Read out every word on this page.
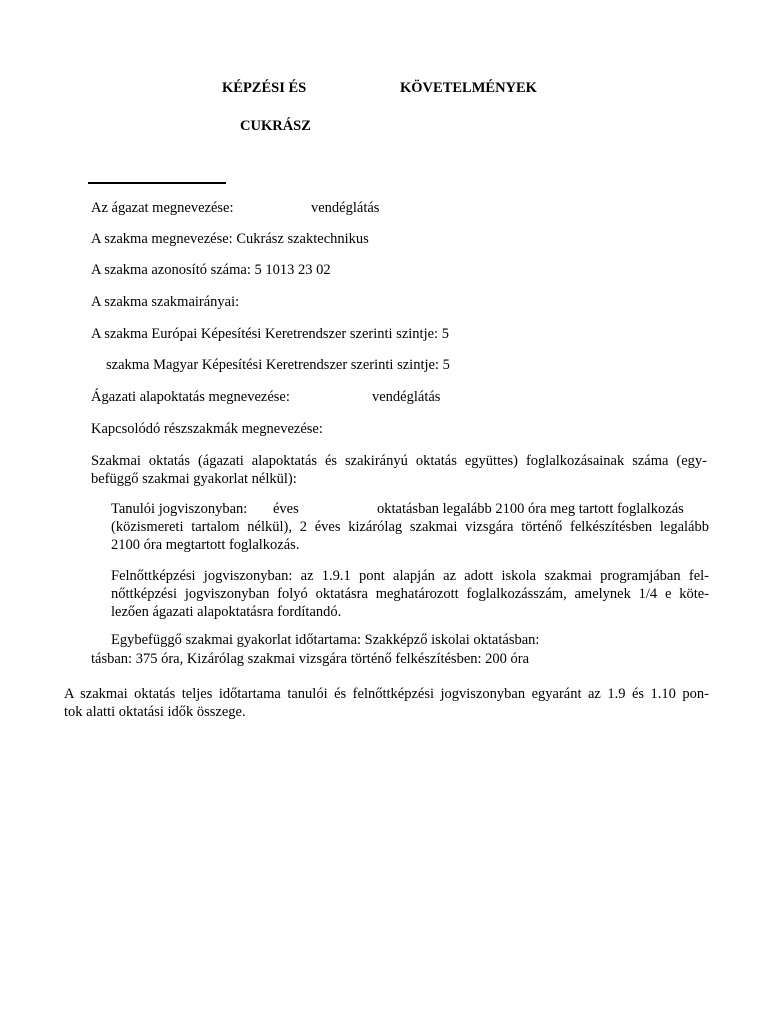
KÉPZÉSI ÉS	KÖVETELMÉNYEK
CUKRÁSZ
Az ágazat megnevezése:	vendéglátás
A szakma megnevezése: Cukrász szaktechnikus
A szakma azonosító száma: 5 1013 23 02
A szakma szakmairányai:
A szakma Európai Képesítési Keretrendszer szerinti szintje: 5
szakma Magyar Képesítési Keretrendszer szerinti szintje: 5
Ágazati alapoktatás megnevezése:	vendéglátás
Kapcsolódó részszakmák megnevezése:
Szakmai oktatás (ágazati alapoktatás és szakirányú oktatás együttes) foglalkozásainak száma (egy-
befüggő szakmai gyakorlat nélkül):
Tanulói jogviszonyban: éves	oktatásban legalább 2100 óra meg tartott foglalkozás
(közismereti tartalom nélkül), 2 éves kizárólag szakmai vizsgára történő felkészítésben legalább
2100 óra megtartott foglalkozás.
Felnőttképzési jogviszonyban: az 1.9.1 pont alapján az adott iskola szakmai programjában fel-
nőttképzési jogviszonyban folyó oktatásra meghatározott foglalkozásszám, amelynek 1/4 e köte-
lezően ágazati alapoktatásra fordítandó.
Egybefüggő szakmai gyakorlat időtartama: Szakképző iskolai oktatásban:
tásban: 375 óra, Kizárólag szakmai vizsgára történő felkészítésben: 200 óra
A szakmai oktatás teljes időtartama tanulói és felnőttképzési jogviszonyban egyaránt az 1.9 és 1.10 pon-
tok alatti oktatási idők összege.
